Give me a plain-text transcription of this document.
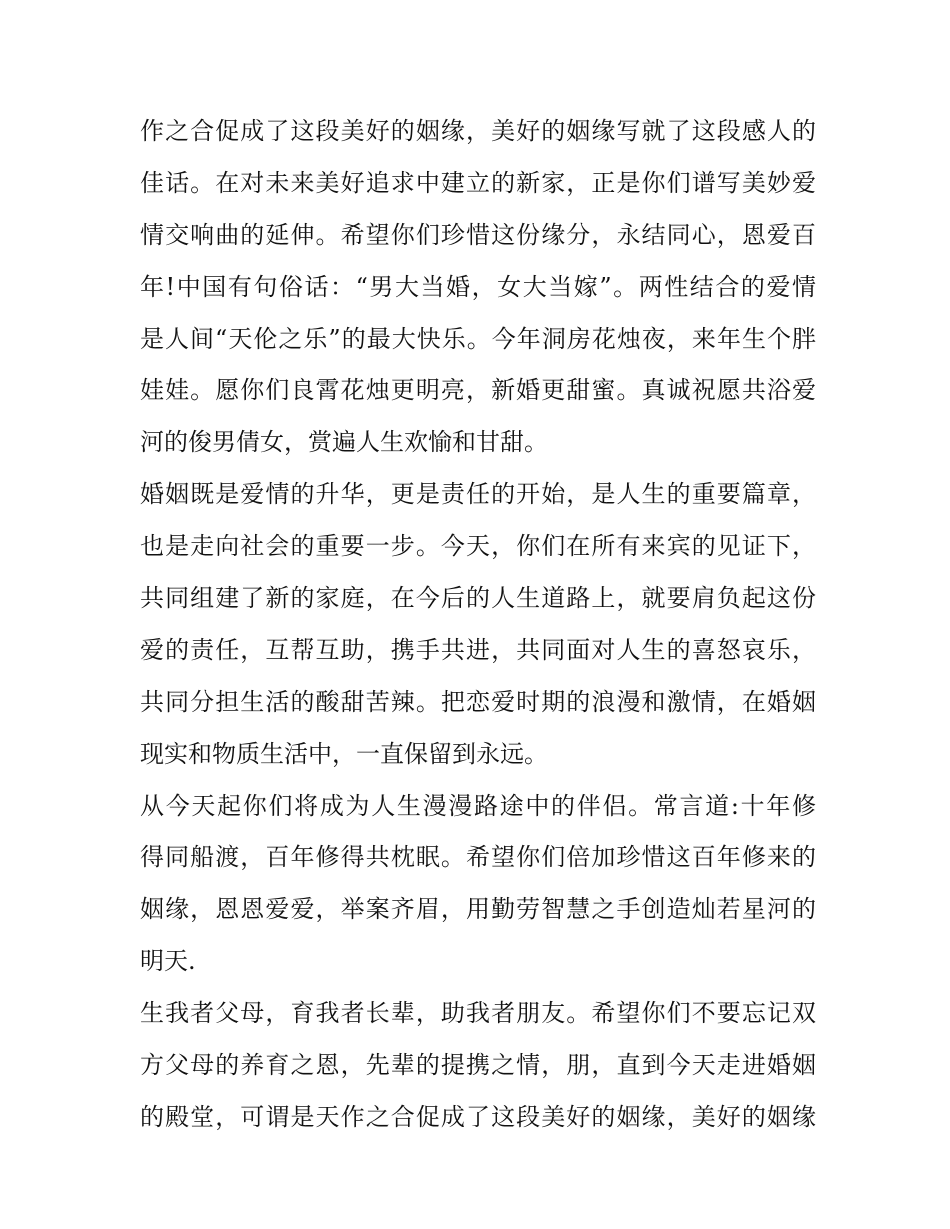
作之合促成了这段美好的姻缘，美好的姻缘写就了这段感人的
佳话。在对未来美好追求中建立的新家，正是你们谱写美妙爱
情交响曲的延伸。希望你们珍惜这份缘分，永结同心，恩爱百
年!中国有句俗话：“男大当婚，女大当嫁”。两性结合的爱情
是人间“天伦之乐”的最大快乐。今年洞房花烛夜，来年生个胖
娃娃。愿你们良霄花烛更明亮，新婚更甜蜜。真诚祝愿共浴爱
河的俊男倩女，赏遍人生欢愉和甘甜。
婚姻既是爱情的升华，更是责任的开始，是人生的重要篇章，
也是走向社会的重要一步。今天，你们在所有来宾的见证下，
共同组建了新的家庭，在今后的人生道路上，就要肩负起这份
爱的责任，互帮互助，携手共进，共同面对人生的喜怒哀乐，
共同分担生活的酸甜苦辣。把恋爱时期的浪漫和激情，在婚姻
现实和物质生活中，一直保留到永远。
从今天起你们将成为人生漫漫路途中的伴侣。常言道:十年修
得同船渡，百年修得共枕眠。希望你们倍加珍惜这百年修来的
姻缘，恩恩爱爱，举案齐眉，用勤劳智慧之手创造灿若星河的
明天.
生我者父母，育我者长辈，助我者朋友。希望你们不要忘记双
方父母的养育之恩，先辈的提携之情，朋，直到今天走进婚姻
的殿堂，可谓是天作之合促成了这段美好的姻缘，美好的姻缘
